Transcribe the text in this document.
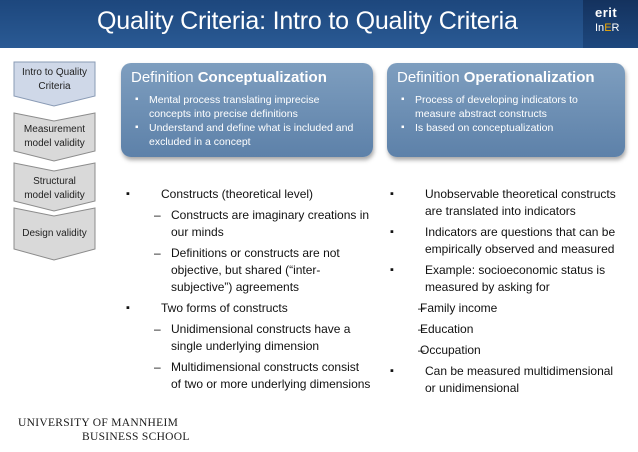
Quality Criteria: Intro to Quality Criteria	erit
InER
Intro to Quality Criteria
Measurement model validity
Structural model validity
Design validity
Definition Conceptualization
▪ Mental process translating imprecise concepts into precise definitions
▪ Understand and define what is included and excluded in a concept
Definition Operationalization
▪ Process of developing indicators to measure abstract constructs
▪ Is based on conceptualization
▪ Constructs (theoretical level)
– Constructs are imaginary creations in our minds
– Definitions or constructs are not objective, but shared (“inter-subjective”) agreements
▪ Two forms of constructs
– Unidimensional constructs have a single underlying dimension
– Multidimensional constructs consist of two or more underlying dimensions
▪ Unobservable theoretical constructs are translated into indicators
▪ Indicators are questions that can be empirically observed and measured
▪ Example: socioeconomic status is measured by asking for
– Family income
– Education
– Occupation
▪ Can be measured multidimensional or unidimensional
UNIVERSITY OF MANNHEIM
BUSINESS SCHOOL
